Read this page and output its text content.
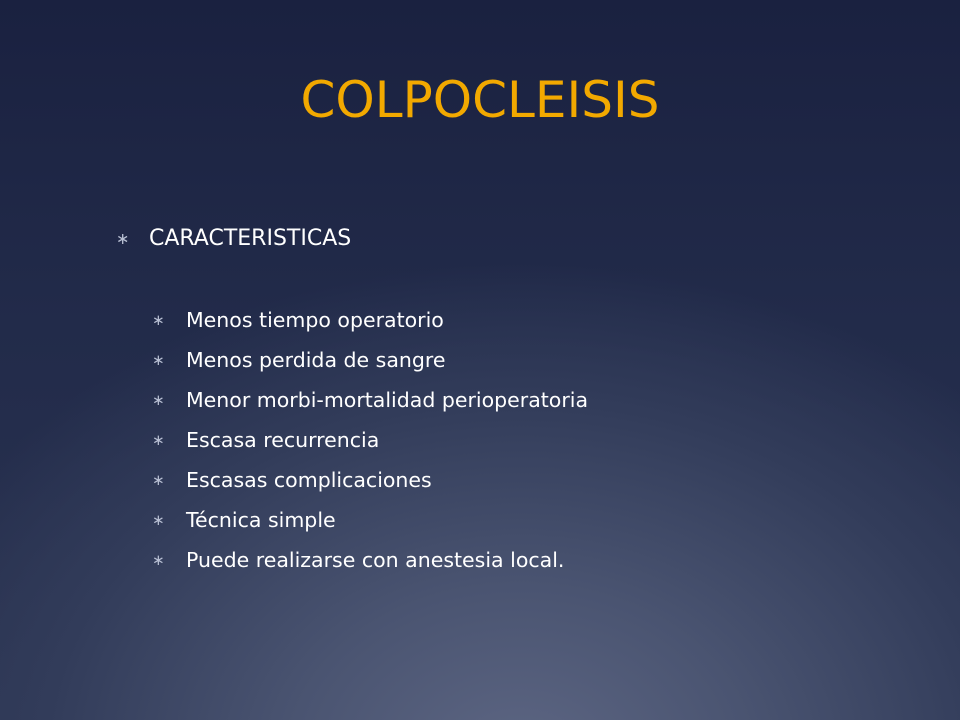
COLPOCLEISIS
∗ CARACTERISTICAS
∗	Menos tiempo operatorio
∗	Menos perdida de sangre
∗	Menor morbi-mortalidad perioperatoria
∗	Escasa recurrencia
∗	Escasas complicaciones
∗	Técnica simple
∗	Puede realizarse con anestesia local.
